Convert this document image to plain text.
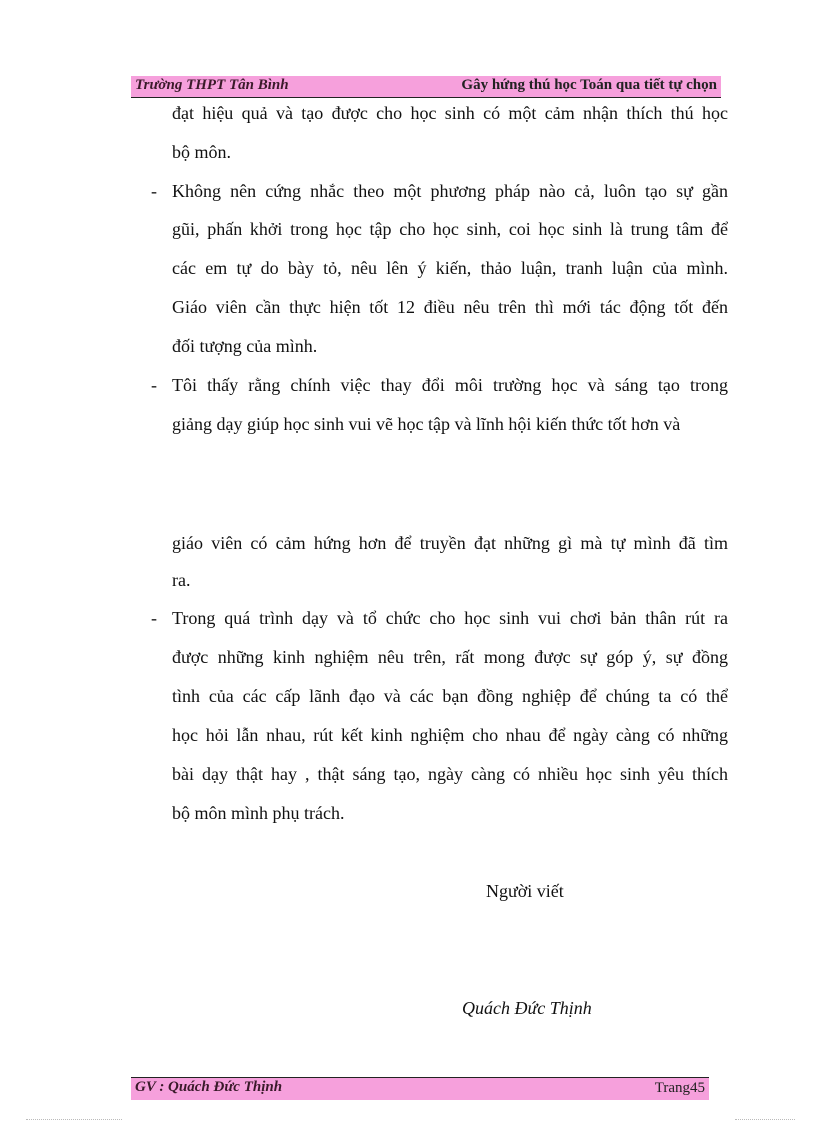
Trường THPT Tân Bình	Gây hứng thú học Toán qua tiết tự chọn
đạt hiệu quả và tạo được cho học sinh có một cảm nhận thích thú học
bộ môn.
- Không nên cứng nhắc theo một phương pháp nào cả, luôn tạo sự gần
gũi, phấn khởi trong học tập cho học sinh, coi học sinh là trung tâm để
các em tự do bày tỏ, nêu lên ý kiến, thảo luận, tranh luận của mình.
Giáo viên cần thực hiện tốt 12 điều nêu trên thì mới tác động tốt đến
đối tượng của mình.
- Tôi thấy rằng chính việc thay đổi môi trường học và sáng tạo trong
giảng dạy giúp học sinh vui vẽ học tập và lĩnh hội kiến thức tốt hơn và
giáo viên có cảm hứng hơn để truyền đạt những gì mà tự mình đã tìm
ra.
- Trong quá trình dạy và tổ chức cho học sinh vui chơi bản thân rút ra
được những kinh nghiệm nêu trên, rất mong được sự góp ý, sự đồng
tình của các cấp lãnh đạo và các bạn đồng nghiệp để chúng ta có thể
học hỏi lẫn nhau, rút kết kinh nghiệm cho nhau để ngày càng có những
bài dạy thật hay , thật sáng tạo, ngày càng có nhiều học sinh yêu thích
bộ môn mình phụ trách.
Người viết
Quách Đức Thịnh
GV : Quách Đức Thịnh	Trang45
